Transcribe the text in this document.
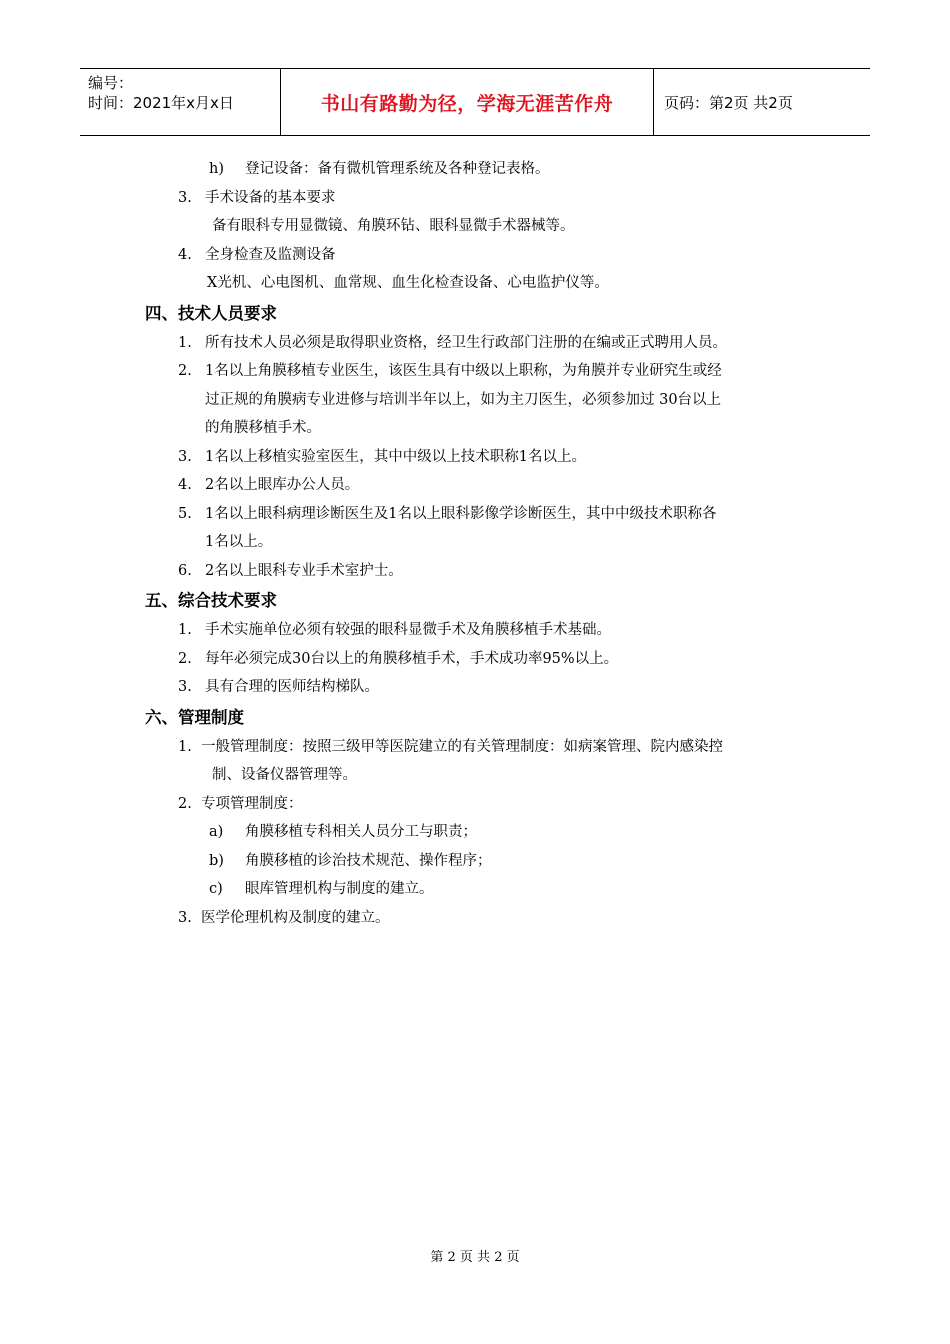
编号：
时间：2021年x月x日	书山有路勤为径，学海无涯苦作舟	页码：第2页 共2页
h) 登记设备：备有微机管理系统及各种登记表格。
3. 手术设备的基本要求
备有眼科专用显微镜、角膜环钻、眼科显微手术器械等。
4. 全身检查及监测设备
X光机、心电图机、血常规、血生化检查设备、心电监护仪等。
四、技术人员要求
1. 所有技术人员必须是取得职业资格，经卫生行政部门注册的在编或正式聘用人员。
2. 1名以上角膜移植专业医生，该医生具有中级以上职称，为角膜并专业研究生或经
过正规的角膜病专业进修与培训半年以上，如为主刀医生，必须参加过 30台以上
的角膜移植手术。
3. 1名以上移植实验室医生，其中中级以上技术职称1名以上。
4. 2名以上眼库办公人员。
5. 1名以上眼科病理诊断医生及1名以上眼科影像学诊断医生，其中中级技术职称各
1名以上。
6. 2名以上眼科专业手术室护士。
五、综合技术要求
1. 手术实施单位必须有较强的眼科显微手术及角膜移植手术基础。
2. 每年必须完成30台以上的角膜移植手术，手术成功率95%以上。
3. 具有合理的医师结构梯队。
六、管理制度
1. 一般管理制度：按照三级甲等医院建立的有关管理制度：如病案管理、院内感染控
制、设备仪器管理等。
2. 专项管理制度：
a) 角膜移植专科相关人员分工与职责；
b) 角膜移植的诊治技术规范、操作程序；
c) 眼库管理机构与制度的建立。
3. 医学伦理机构及制度的建立。
第 2 页 共 2 页
